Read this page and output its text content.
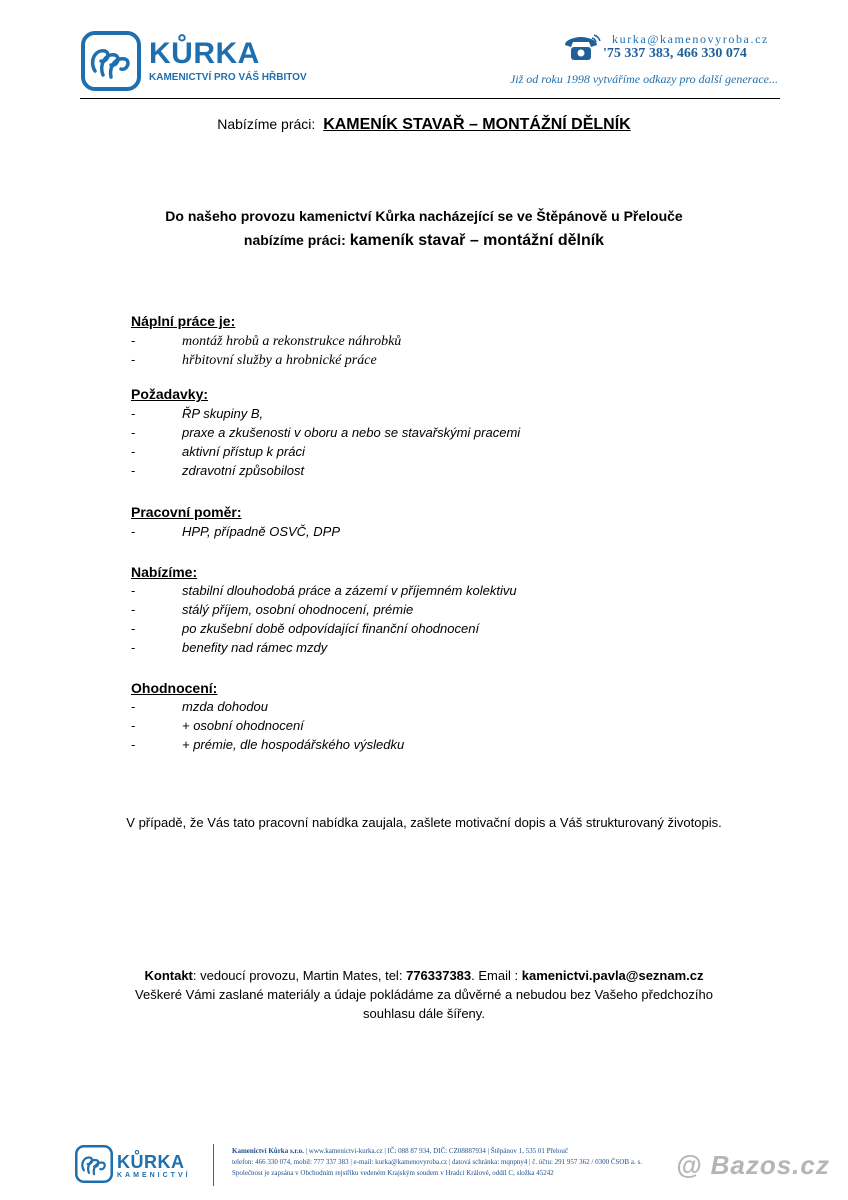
KŮRKA
KAMENICTVÍ PRO VÁŠ HŘBITOV
kurka@kamenovyroba.cz
'75 337 383, 466 330 074
Již od roku 1998 vytváříme odkazy pro další generace...
Nabízíme práci: KAMENÍK STAVAŘ – MONTÁŽNÍ DĚLNÍK
Do našeho provozu kamenictví Kůrka nacházející se ve Štěpánově u Přelouče
nabízíme práci: kameník stavař – montážní dělník
Náplní práce je:
-	montáž hrobů a rekonstrukce náhrobků
-	hřbitovní služby a hrobnické práce
Požadavky:
-	ŘP skupiny B,
-	praxe a zkušenosti v oboru a nebo se stavařskými pracemi
-	aktivní přístup k práci
-	zdravotní způsobilost
Pracovní poměr:
-	HPP, případně OSVČ, DPP
Nabízíme:
-	stabilní dlouhodobá práce a zázemí v příjemném kolektivu
-	stálý příjem, osobní ohodnocení, prémie
-	po zkušební době odpovídající finanční ohodnocení
-	benefity nad rámec mzdy
Ohodnocení:
-	mzda dohodou
-	+ osobní ohodnocení
-	+ prémie, dle hospodářského výsledku
V případě, že Vás tato pracovní nabídka zaujala, zašlete motivační dopis a Váš strukturovaný životopis.
Kontakt: vedoucí provozu, Martin Mates, tel: 776337383. Email : kamenictvi.pavla@seznam.cz
Veškeré Vámi zaslané materiály a údaje pokládáme za důvěrné a nebudou bez Vašeho předchozího
souhlasu dále šířeny.
KŮRKA
KAMENICTVÍ
Kamenictví Kůrka s.r.o. | www.kamenictvi-kurka.cz | IČ: 088 87 934, DIČ: CZ08887934 | Štěpánov 1, 535 01 Přelouč
telefon: 466 330 074, mobil: 777 337 383 | e-mail: kurka@kamenovyroba.cz | datová schránka: mqnpny4 | č. účtu: 291 957 362 / 0300 ČSOB a. s.
Společnost je zapsána v Obchodním rejstříku vedeném Krajským soudem v Hradci Králové, oddíl C, složka 45242	@ Bazos.cz
